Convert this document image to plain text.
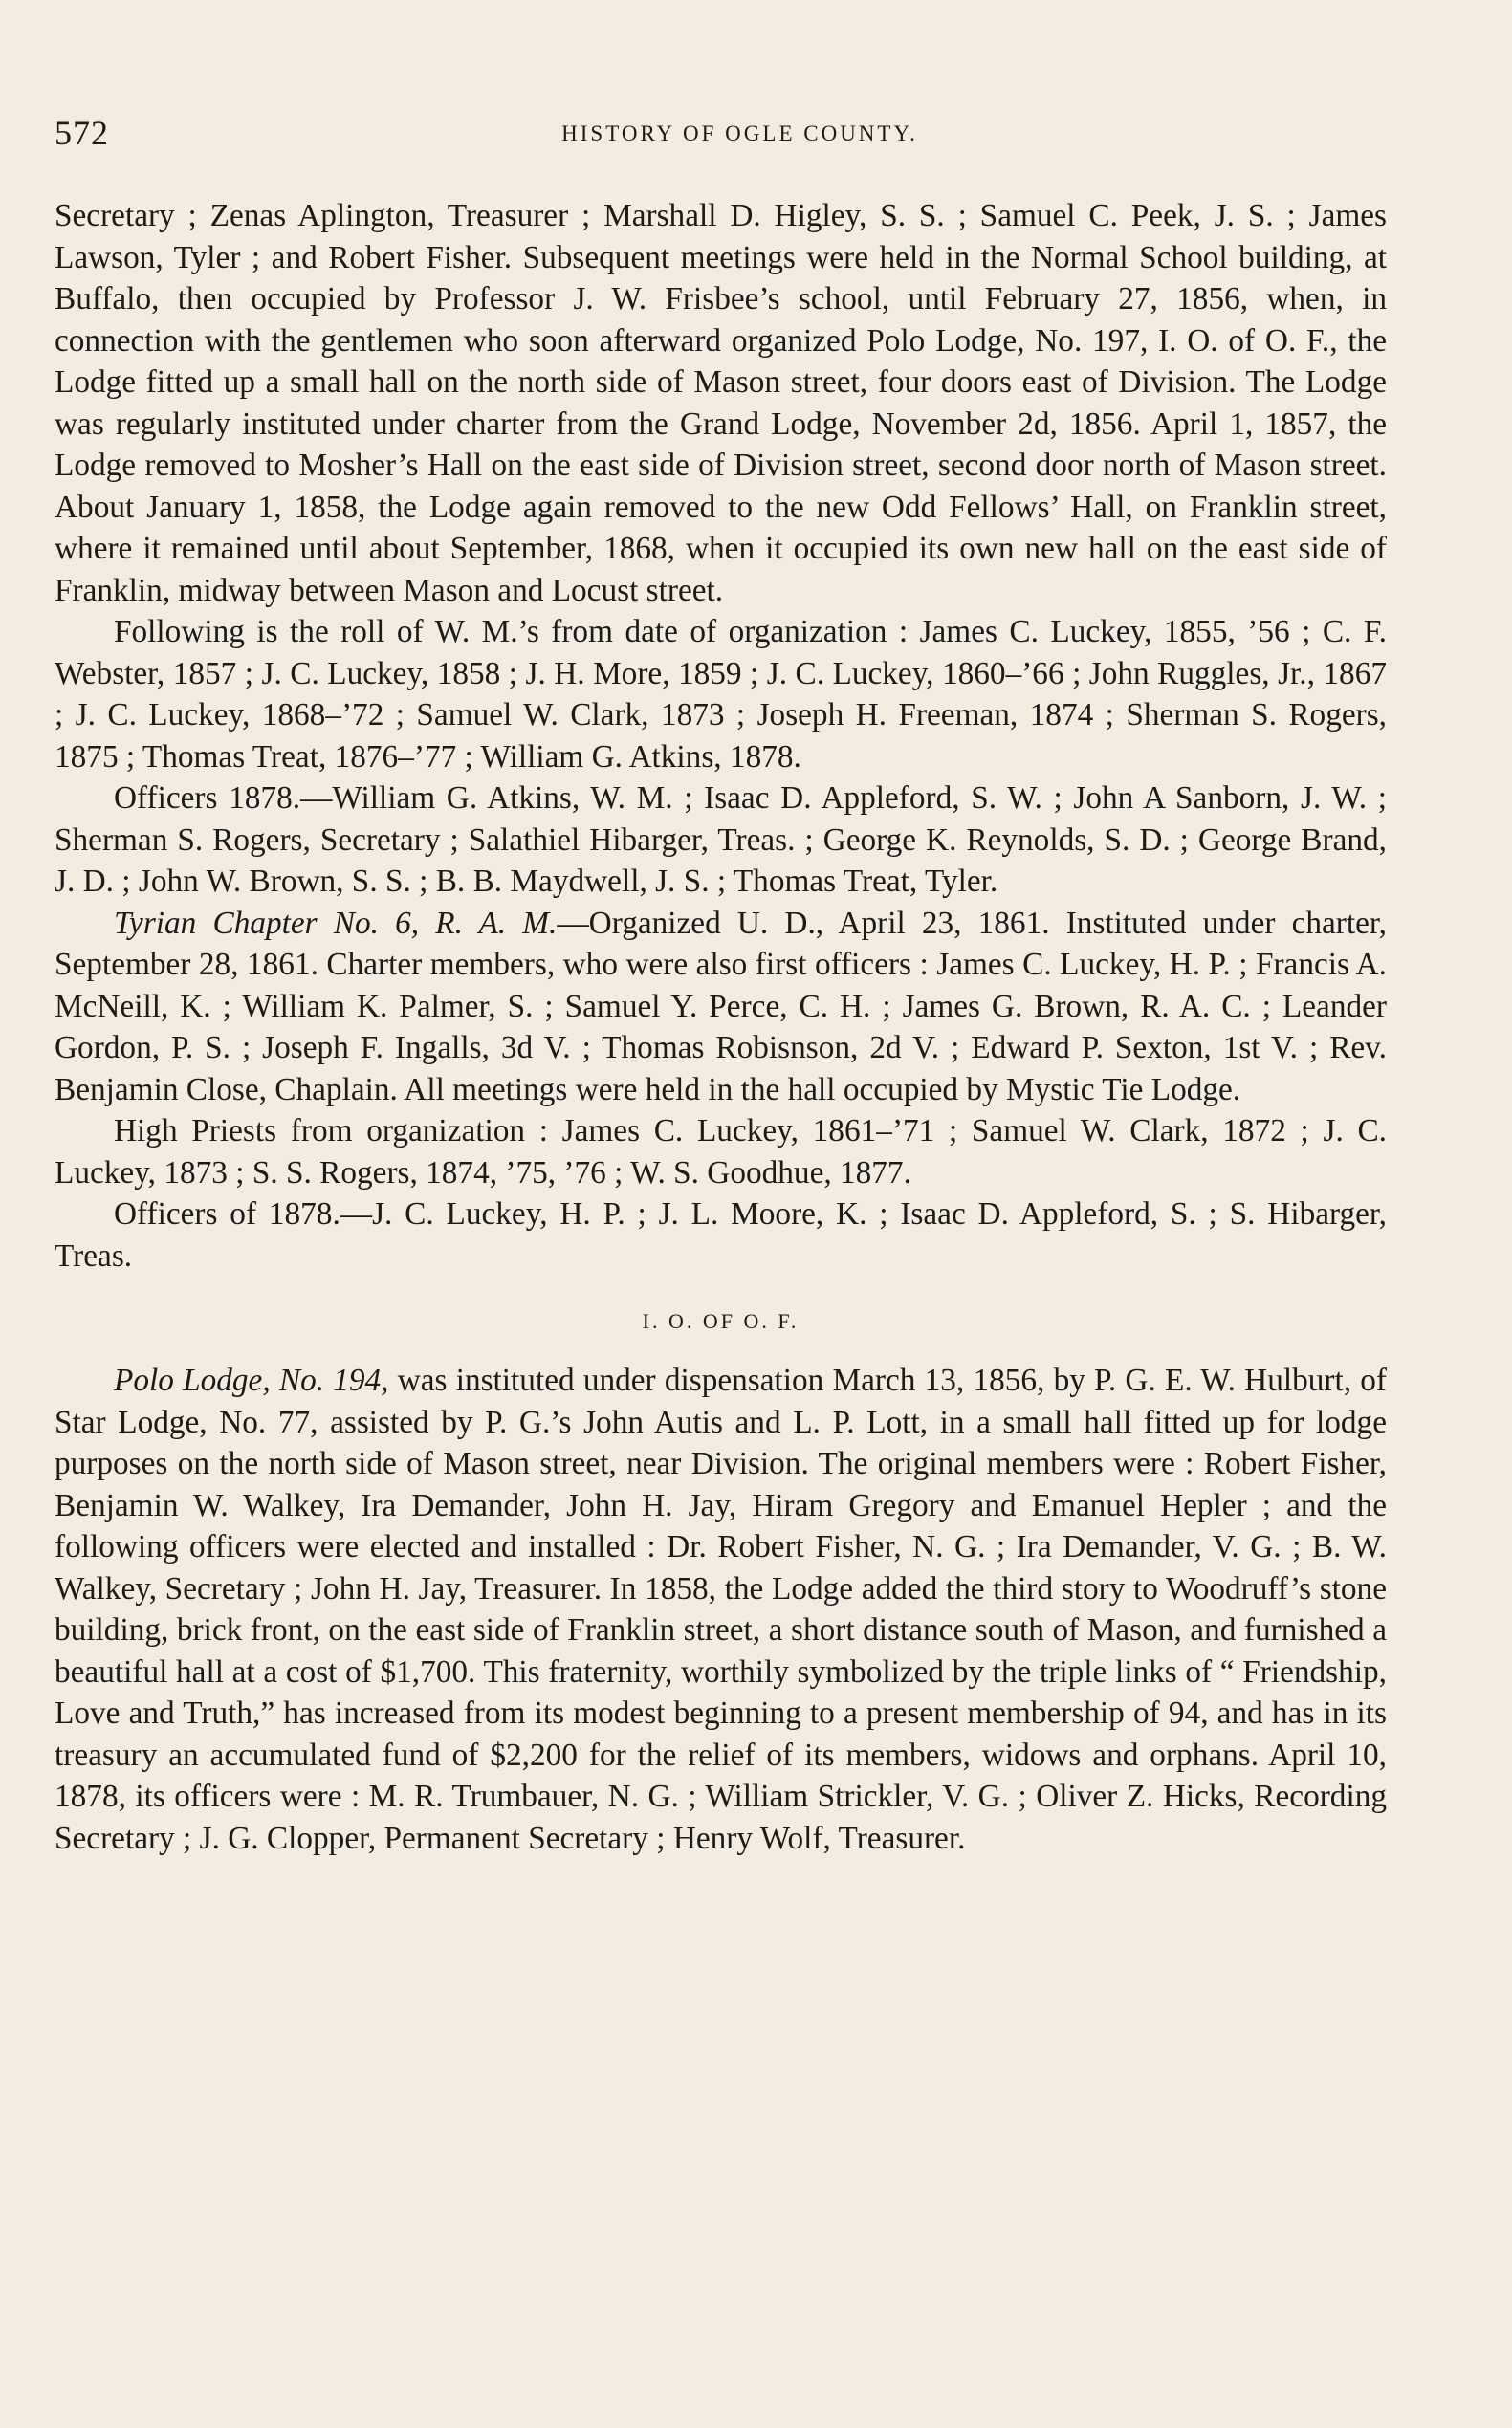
572	HISTORY OF OGLE COUNTY.

Secretary ; Zenas Aplington, Treasurer ; Marshall D. Higley, S. S. ; Samuel C. Peek, J. S. ; James Lawson, Tyler ; and Robert Fisher. Subsequent meetings were held in the Normal School building, at Buffalo, then occupied by Professor J. W. Frisbee’s school, until February 27, 1856, when, in connection with the gentlemen who soon afterward organized Polo Lodge, No. 197, I. O. of O. F., the Lodge fitted up a small hall on the north side of Mason street, four doors east of Division. The Lodge was regularly instituted under charter from the Grand Lodge, November 2d, 1856. April 1, 1857, the Lodge removed to Mosher’s Hall on the east side of Division street, second door north of Mason street. About January 1, 1858, the Lodge again removed to the new Odd Fellows’ Hall, on Franklin street, where it remained until about September, 1868, when it occupied its own new hall on the east side of Franklin, midway between Mason and Locust street.

Following is the roll of W. M.’s from date of organization : James C. Luckey, 1855, ’56 ; C. F. Webster, 1857 ; J. C. Luckey, 1858 ; J. H. More, 1859 ; J. C. Luckey, 1860–’66 ; John Ruggles, Jr., 1867 ; J. C. Luckey, 1868–’72 ; Samuel W. Clark, 1873 ; Joseph H. Freeman, 1874 ; Sherman S. Rogers, 1875 ; Thomas Treat, 1876–’77 ; William G. Atkins, 1878.

Officers 1878.—William G. Atkins, W. M. ; Isaac D. Appleford, S. W. ; John A Sanborn, J. W. ; Sherman S. Rogers, Secretary ; Salathiel Hibarger, Treas. ; George K. Reynolds, S. D. ; George Brand, J. D. ; John W. Brown, S. S. ; B. B. Maydwell, J. S. ; Thomas Treat, Tyler.

Tyrian Chapter No. 6, R. A. M.—Organized U. D., April 23, 1861. Instituted under charter, September 28, 1861. Charter members, who were also first officers : James C. Luckey, H. P. ; Francis A. McNeill, K. ; William K. Palmer, S. ; Samuel Y. Perce, C. H. ; James G. Brown, R. A. C. ; Leander Gordon, P. S. ; Joseph F. Ingalls, 3d V. ; Thomas Robisnson, 2d V. ; Edward P. Sexton, 1st V. ; Rev. Benjamin Close, Chaplain. All meetings were held in the hall occupied by Mystic Tie Lodge.

High Priests from organization : James C. Luckey, 1861–’71 ; Samuel W. Clark, 1872 ; J. C. Luckey, 1873 ; S. S. Rogers, 1874, ’75, ’76 ; W. S. Goodhue, 1877.

Officers of 1878.—J. C. Luckey, H. P. ; J. L. Moore, K. ; Isaac D. Appleford, S. ; S. Hibarger, Treas.

I. O. OF O. F.

Polo Lodge, No. 194, was instituted under dispensation March 13, 1856, by P. G. E. W. Hulburt, of Star Lodge, No. 77, assisted by P. G.’s John Autis and L. P. Lott, in a small hall fitted up for lodge purposes on the north side of Mason street, near Division. The original members were : Robert Fisher, Benjamin W. Walkey, Ira Demander, John H. Jay, Hiram Gregory and Emanuel Hepler ; and the following officers were elected and installed : Dr. Robert Fisher, N. G. ; Ira Demander, V. G. ; B. W. Walkey, Secretary ; John H. Jay, Treasurer. In 1858, the Lodge added the third story to Woodruff’s stone building, brick front, on the east side of Franklin street, a short distance south of Mason, and furnished a beautiful hall at a cost of $1,700. This fraternity, worthily symbolized by the triple links of “ Friendship, Love and Truth,” has increased from its modest beginning to a present membership of 94, and has in its treasury an accumulated fund of $2,200 for the relief of its members, widows and orphans. April 10, 1878, its officers were : M. R. Trumbauer, N. G. ; William Strickler, V. G. ; Oliver Z. Hicks, Recording Secretary ; J. G. Clopper, Permanent Secretary ; Henry Wolf, Treasurer.
